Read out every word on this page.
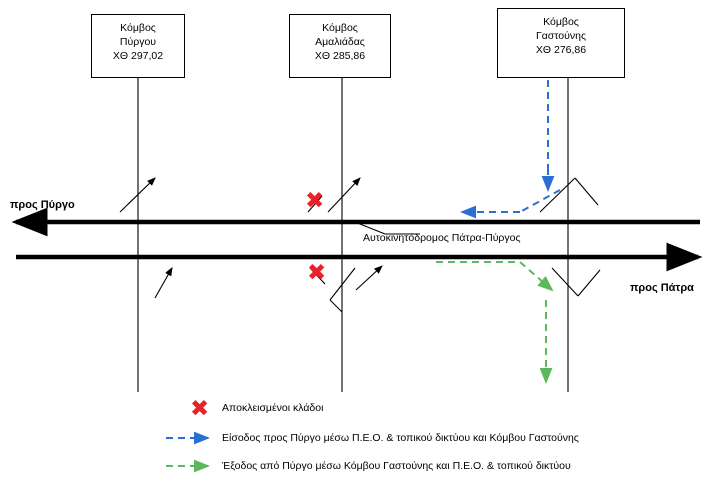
Κόμβος
Πύργου
ΧΘ 297,02
Κόμβος
Αμαλιάδας
ΧΘ 285,86
Κόμβος
Γαστούνης
ΧΘ 276,86
προς Πύργο
προς Πάτρα
Αυτοκινητόδρομος Πάτρα-Πύργος
✖
✖
✖ Αποκλεισμένοι κλάδοι
Είσοδος προς Πύργο μέσω Π.Ε.Ο. & τοπικού δικτύου και Κόμβου Γαστούνης
Έξοδος από Πύργο μέσω Κόμβου Γαστούνης και Π.Ε.Ο. & τοπικού δικτύου
